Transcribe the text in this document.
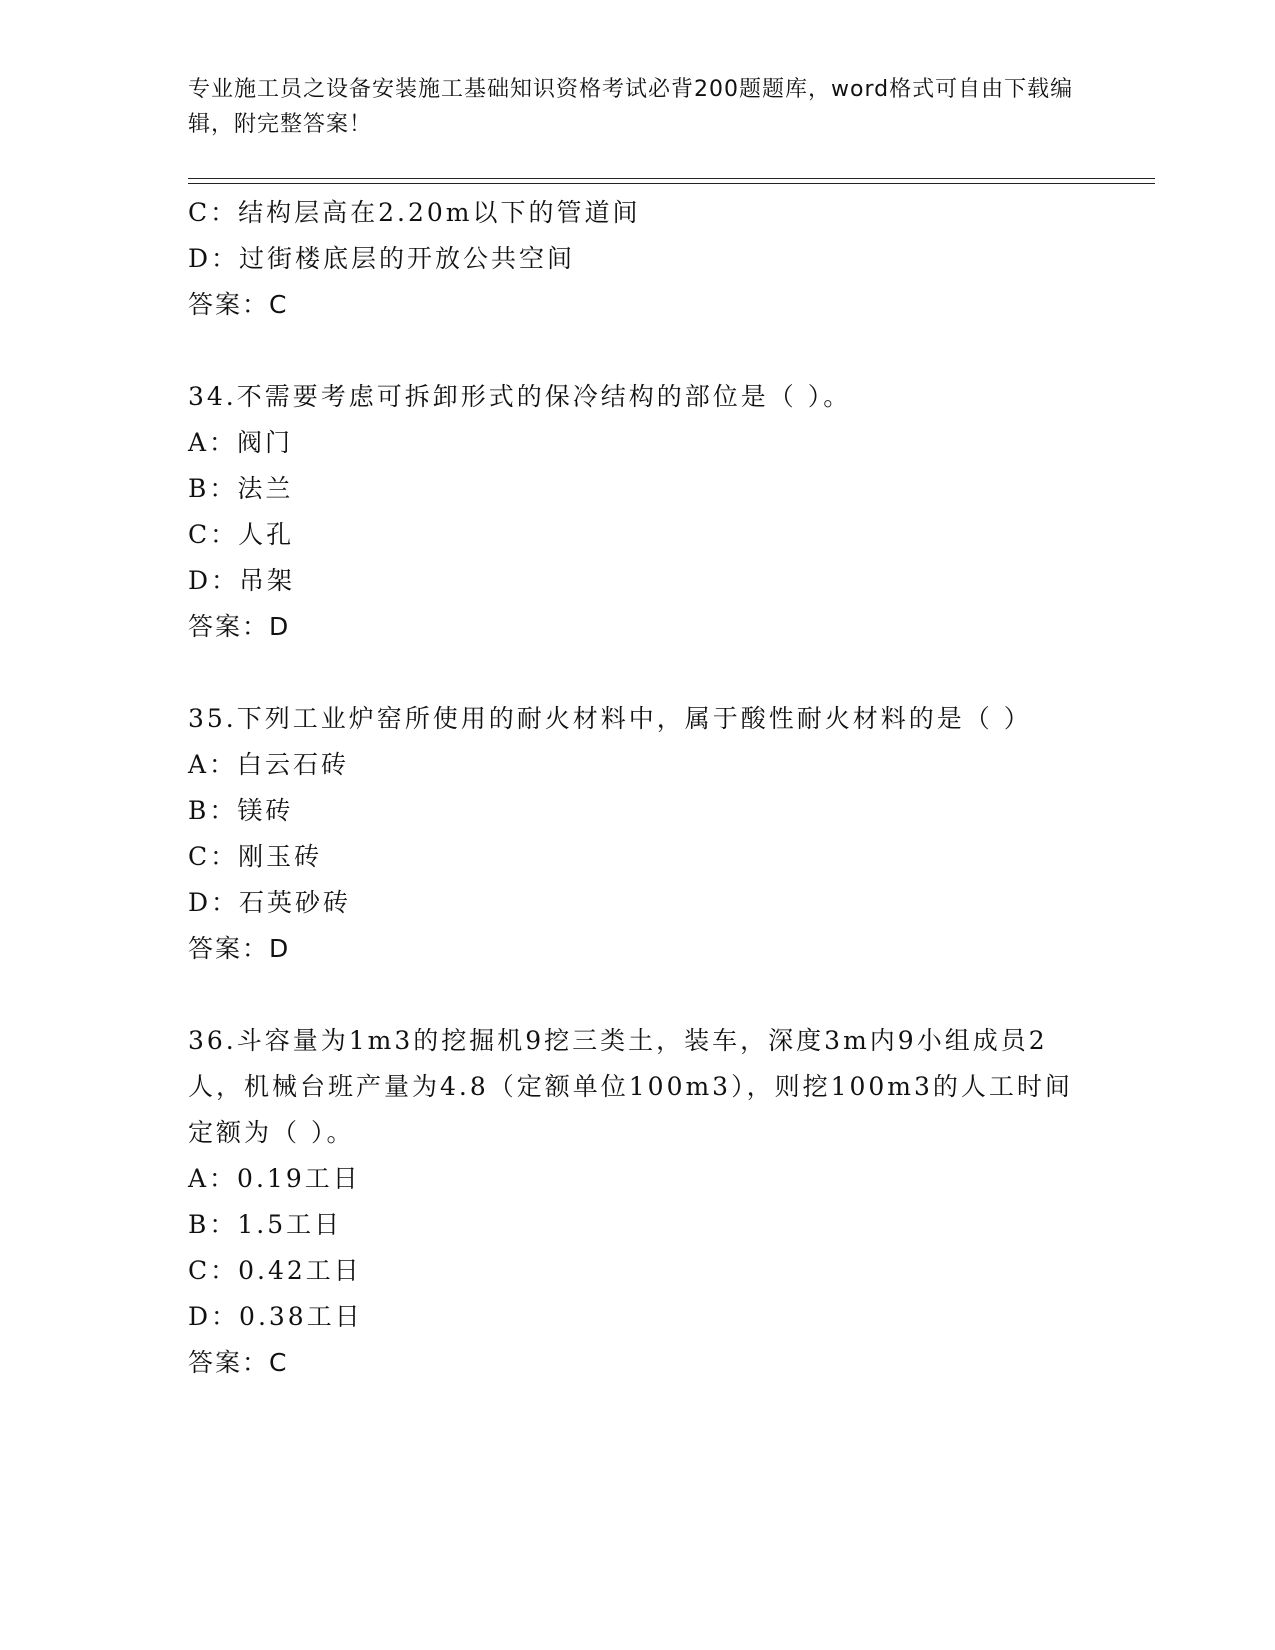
专业施工员之设备安装施工基础知识资格考试必背200题题库，word格式可自由下载编辑，附完整答案！
C：结构层高在2.20m以下的管道间
D：过街楼底层的开放公共空间
答案：C
34.不需要考虑可拆卸形式的保冷结构的部位是（ ）。
A：阀门
B：法兰
C：人孔
D：吊架
答案：D
35.下列工业炉窑所使用的耐火材料中，属于酸性耐火材料的是（ ）
A：白云石砖
B：镁砖
C：刚玉砖
D：石英砂砖
答案：D
36.斗容量为1m3的挖掘机9挖三类土，装车，深度3m内9小组成员2人，机械台班产量为4.8（定额单位100m3），则挖100m3的人工时间定额为（ ）。
A：0.19工日
B：1.5工日
C：0.42工日
D：0.38工日
答案：C
